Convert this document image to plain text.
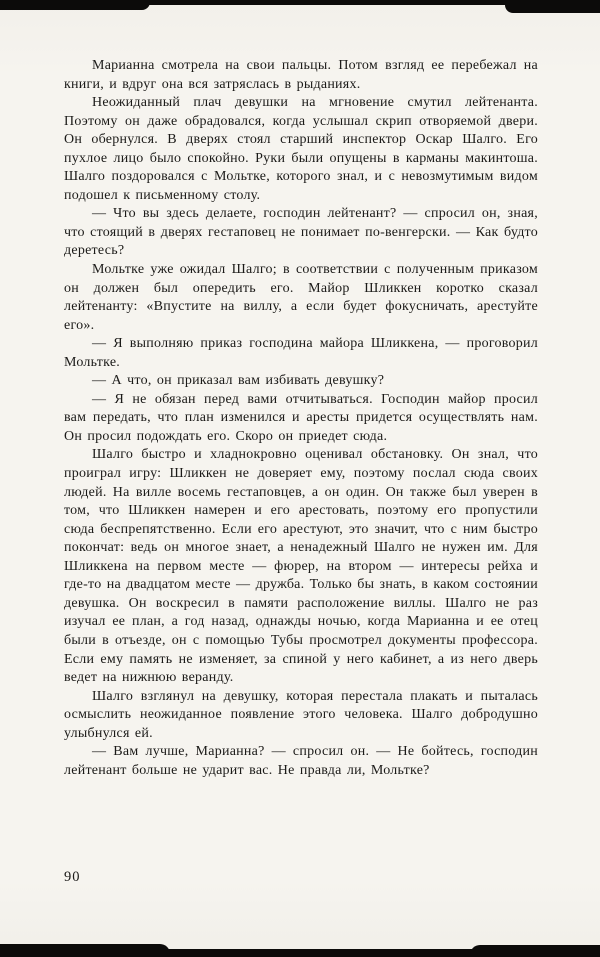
Марианна смотрела на свои пальцы. Потом взгляд ее перебежал на книги, и вдруг она вся затряслась в рыданиях.

Неожиданный плач девушки на мгновение смутил лейтенанта. Поэтому он даже обрадовался, когда услышал скрип отворяемой двери. Он обернулся. В дверях стоял старший инспектор Оскар Шалго. Его пухлое лицо было спокойно. Руки были опущены в карманы макинтоша. Шалго поздоровался с Мольтке, которого знал, и с невозмутимым видом подошел к письменному столу.

— Что вы здесь делаете, господин лейтенант? — спросил он, зная, что стоящий в дверях гестаповец не понимает по-венгерски. — Как будто деретесь?

Мольтке уже ожидал Шалго; в соответствии с полученным приказом он должен был опередить его. Майор Шликкен коротко сказал лейтенанту: «Впустите на виллу, а если будет фокусничать, арестуйте его».

— Я выполняю приказ господина майора Шликкена, — проговорил Мольтке.

— А что, он приказал вам избивать девушку?

— Я не обязан перед вами отчитываться. Господин майор просил вам передать, что план изменился и аресты придется осуществлять нам. Он просил подождать его. Скоро он приедет сюда.

Шалго быстро и хладнокровно оценивал обстановку. Он знал, что проиграл игру: Шликкен не доверяет ему, поэтому послал сюда своих людей. На вилле восемь гестаповцев, а он один. Он также был уверен в том, что Шликкен намерен и его арестовать, поэтому его пропустили сюда беспрепятственно. Если его арестуют, это значит, что с ним быстро покончат: ведь он многое знает, а ненадежный Шалго не нужен им. Для Шликкена на первом месте — фюрер, на втором — интересы рейха и где-то на двадцатом месте — дружба. Только бы знать, в каком состоянии девушка. Он воскресил в памяти расположение виллы. Шалго не раз изучал ее план, а год назад, однажды ночью, когда Марианна и ее отец были в отъезде, он с помощью Тубы просмотрел документы профессора. Если ему память не изменяет, за спиной у него кабинет, а из него дверь ведет на нижнюю веранду.

Шалго взглянул на девушку, которая перестала плакать и пыталась осмыслить неожиданное появление этого человека. Шалго добродушно улыбнулся ей.

— Вам лучше, Марианна? — спросил он. — Не бойтесь, господин лейтенант больше не ударит вас. Не правда ли, Мольтке?

90
